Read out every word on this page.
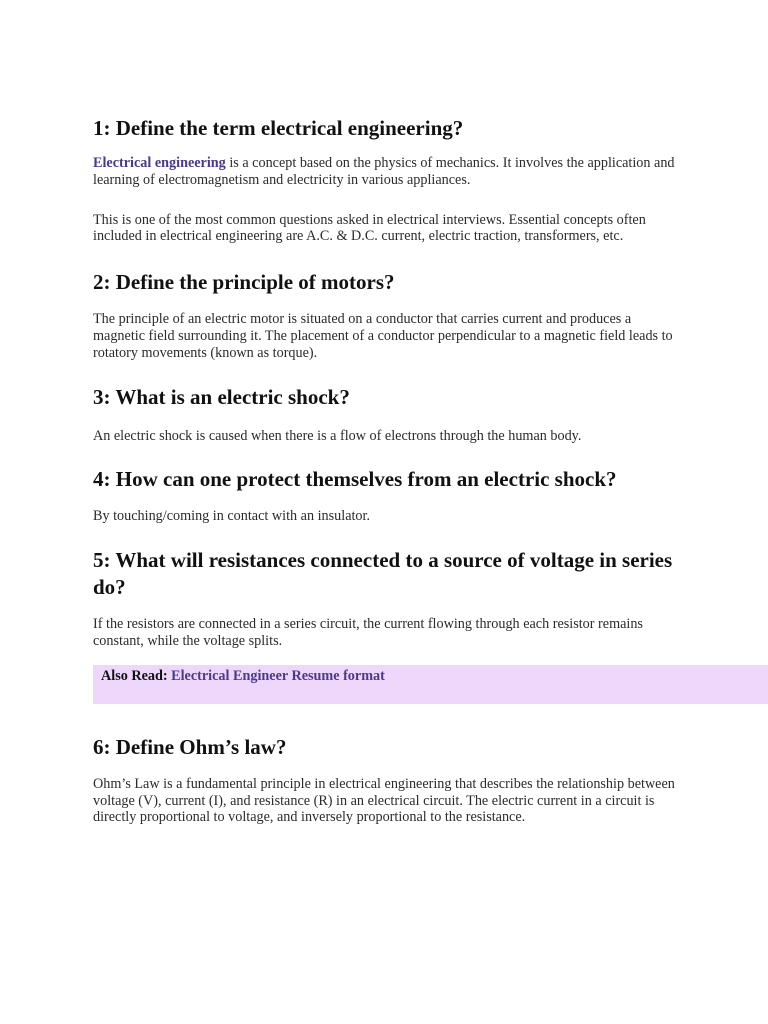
1: Define the term electrical engineering?

Electrical engineering is a concept based on the physics of mechanics. It involves the application and learning of electromagnetism and electricity in various appliances.

This is one of the most common questions asked in electrical interviews. Essential concepts often included in electrical engineering are A.C. & D.C. current, electric traction, transformers, etc.

2: Define the principle of motors?

The principle of an electric motor is situated on a conductor that carries current and produces a magnetic field surrounding it. The placement of a conductor perpendicular to a magnetic field leads to rotatory movements (known as torque).

3: What is an electric shock?

An electric shock is caused when there is a flow of electrons through the human body.

4: How can one protect themselves from an electric shock?

By touching/coming in contact with an insulator.

5: What will resistances connected to a source of voltage in series do?

If the resistors are connected in a series circuit, the current flowing through each resistor remains constant, while the voltage splits.

Also Read: Electrical Engineer Resume format
6: Define Ohm’s law?

Ohm’s Law is a fundamental principle in electrical engineering that describes the relationship between voltage (V), current (I), and resistance (R) in an electrical circuit. The electric current in a circuit is directly proportional to voltage, and inversely proportional to the resistance.
